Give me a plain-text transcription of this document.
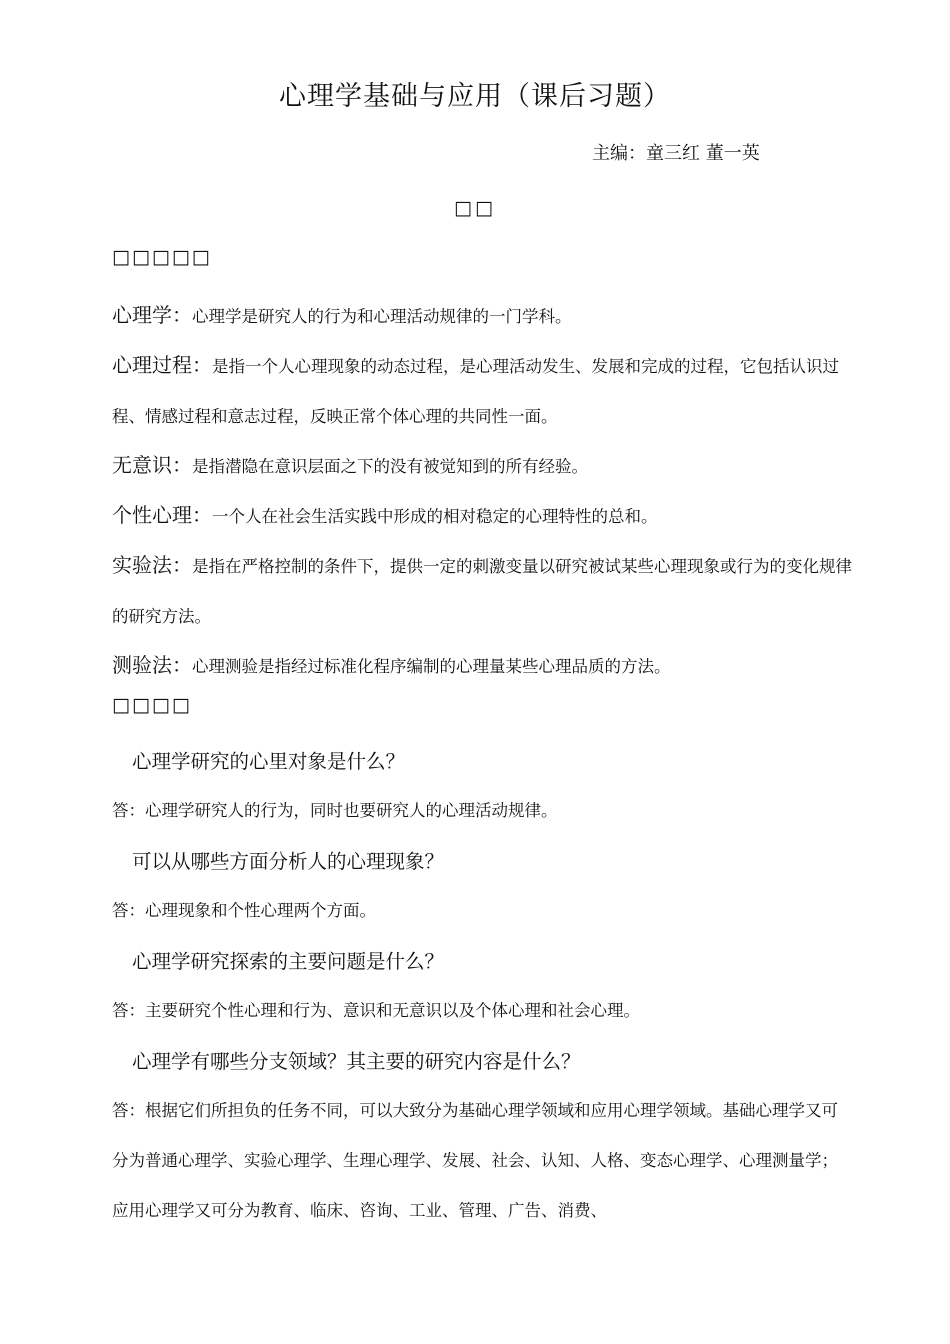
心理学基础与应用（课后习题）
主编：童三红 董一英
□□
□□□□□
心理学：心理学是研究人的行为和心理活动规律的一门学科。
心理过程：是指一个人心理现象的动态过程，是心理活动发生、发展和完成的过程，它包括认识过程、情感过程和意志过程，反映正常个体心理的共同性一面。
无意识：是指潜隐在意识层面之下的没有被觉知到的所有经验。
个性心理：一个人在社会生活实践中形成的相对稳定的心理特性的总和。
实验法：是指在严格控制的条件下，提供一定的刺激变量以研究被试某些心理现象或行为的变化规律的研究方法。
测验法：心理测验是指经过标准化程序编制的心理量某些心理品质的方法。
□□□□
心理学研究的心里对象是什么？
答：心理学研究人的行为，同时也要研究人的心理活动规律。
可以从哪些方面分析人的心理现象？
答：心理现象和个性心理两个方面。
心理学研究探索的主要问题是什么？
答：主要研究个性心理和行为、意识和无意识以及个体心理和社会心理。
心理学有哪些分支领域？其主要的研究内容是什么？
答：根据它们所担负的任务不同，可以大致分为基础心理学领域和应用心理学领域。基础心理学又可分为普通心理学、实验心理学、生理心理学、发展、社会、认知、人格、变态心理学、心理测量学；应用心理学又可分为教育、临床、咨询、工业、管理、广告、消费、
